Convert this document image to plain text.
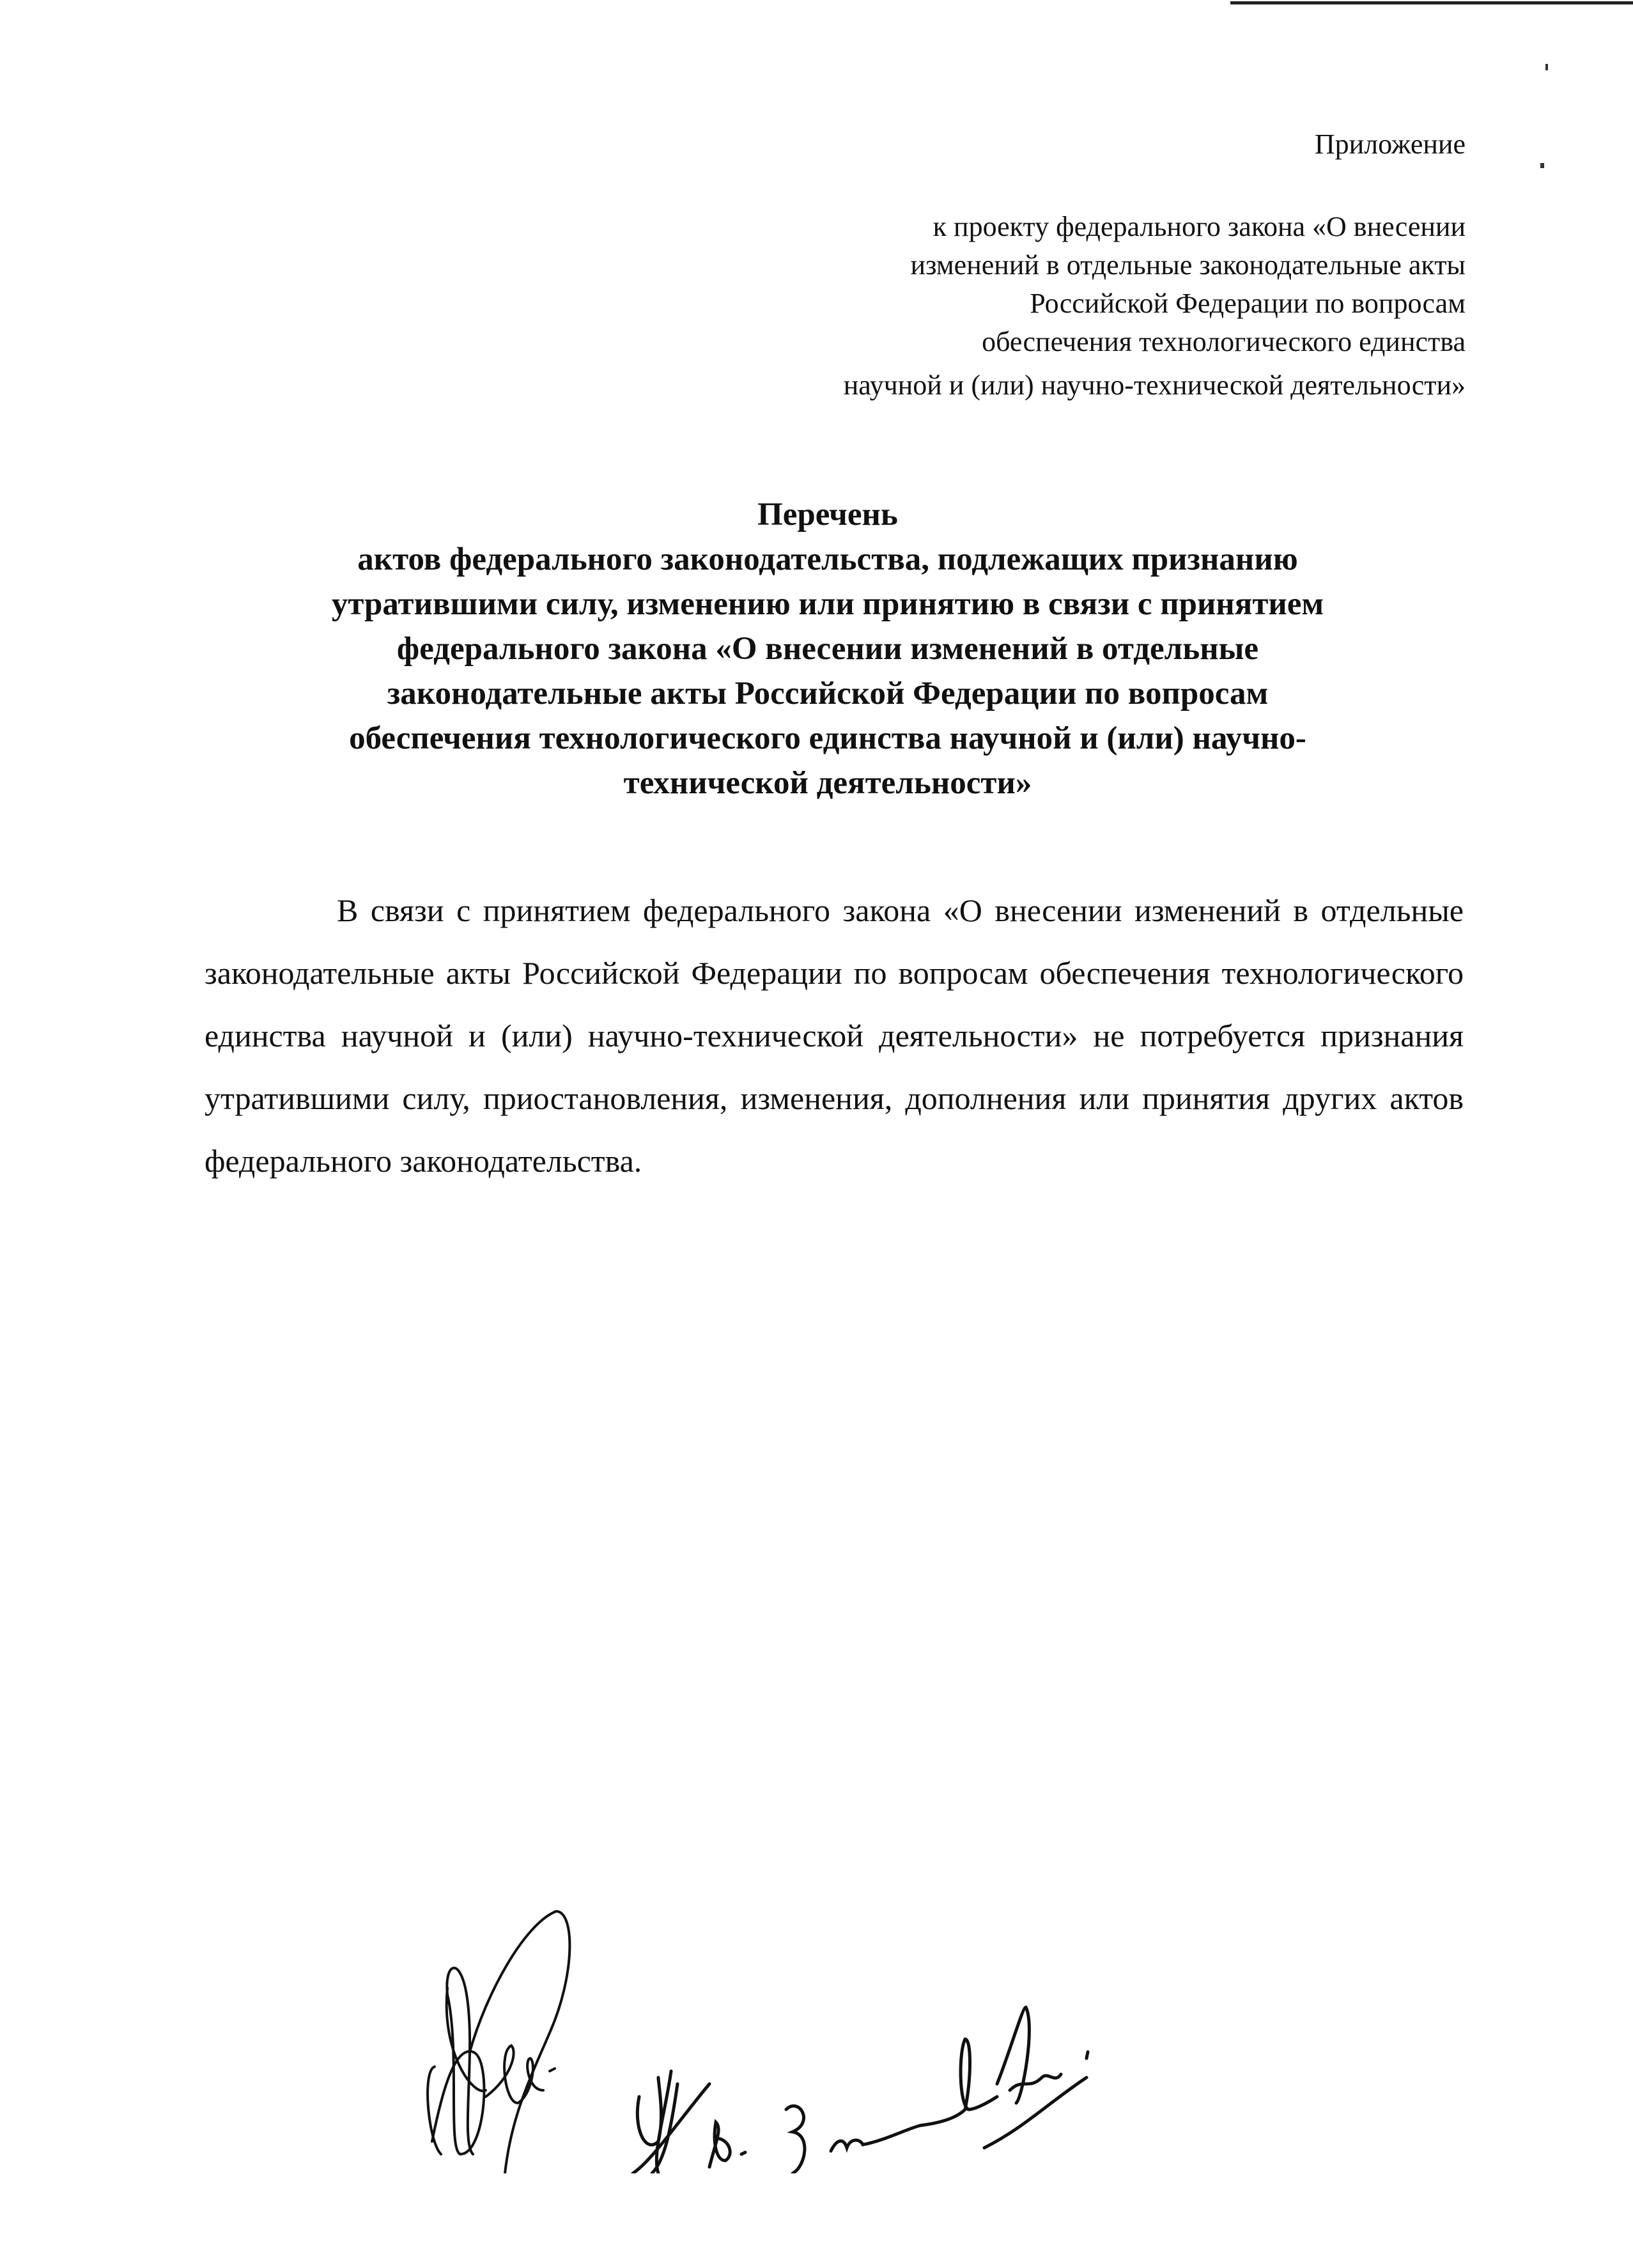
Приложение
к проекту федерального закона «О внесении
изменений в отдельные законодательные акты
Российской Федерации по вопросам
обеспечения технологического единства
научной и (или) научно-технической деятельности»
Перечень
актов федерального законодательства, подлежащих признанию
утратившими силу, изменению или принятию в связи с принятием
федерального закона «О внесении изменений в отдельные
законодательные акты Российской Федерации по вопросам
обеспечения технологического единства научной и (или) научно-
технической деятельности»
В связи с принятием федерального закона «О внесении изменений в отдельные законодательные акты Российской Федерации по вопросам обеспечения технологического единства научной и (или) научно-технической деятельности» не потребуется признания утратившими силу, приостановления, изменения, дополнения или принятия других актов федерального законодательства.
